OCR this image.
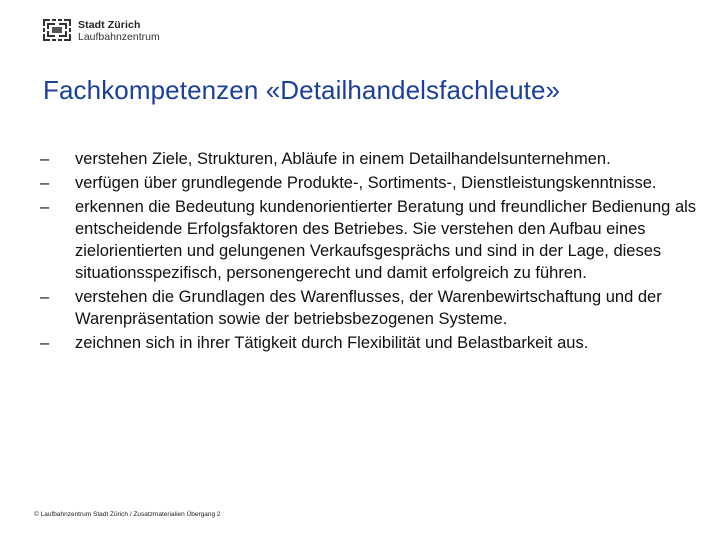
Stadt Zürich
Laufbahnzentrum
Fachkompetenzen «Detailhandelsfachleute»
–	verstehen Ziele, Strukturen, Abläufe in einem Detailhandelsunternehmen.
–	verfügen über grundlegende Produkte-, Sortiments-, Dienstleistungskenntnisse.
–	erkennen die Bedeutung kundenorientierter Beratung und freundlicher Bedienung als entscheidende Erfolgsfaktoren des Betriebes. Sie verstehen den Aufbau eines zielorientierten und gelungenen Verkaufsgesprächs und sind in der Lage, dieses situationsspezifisch, personengerecht und damit erfolgreich zu führen.
–	verstehen die Grundlagen des Warenflusses, der Warenbewirtschaftung und der Warenpräsentation sowie der betriebsbezogenen Systeme.
–	zeichnen sich in ihrer Tätigkeit durch Flexibilität und Belastbarkeit aus.
© Laufbahnzentrum Stadt Zürich / Zusatzmaterialien Übergang 2
